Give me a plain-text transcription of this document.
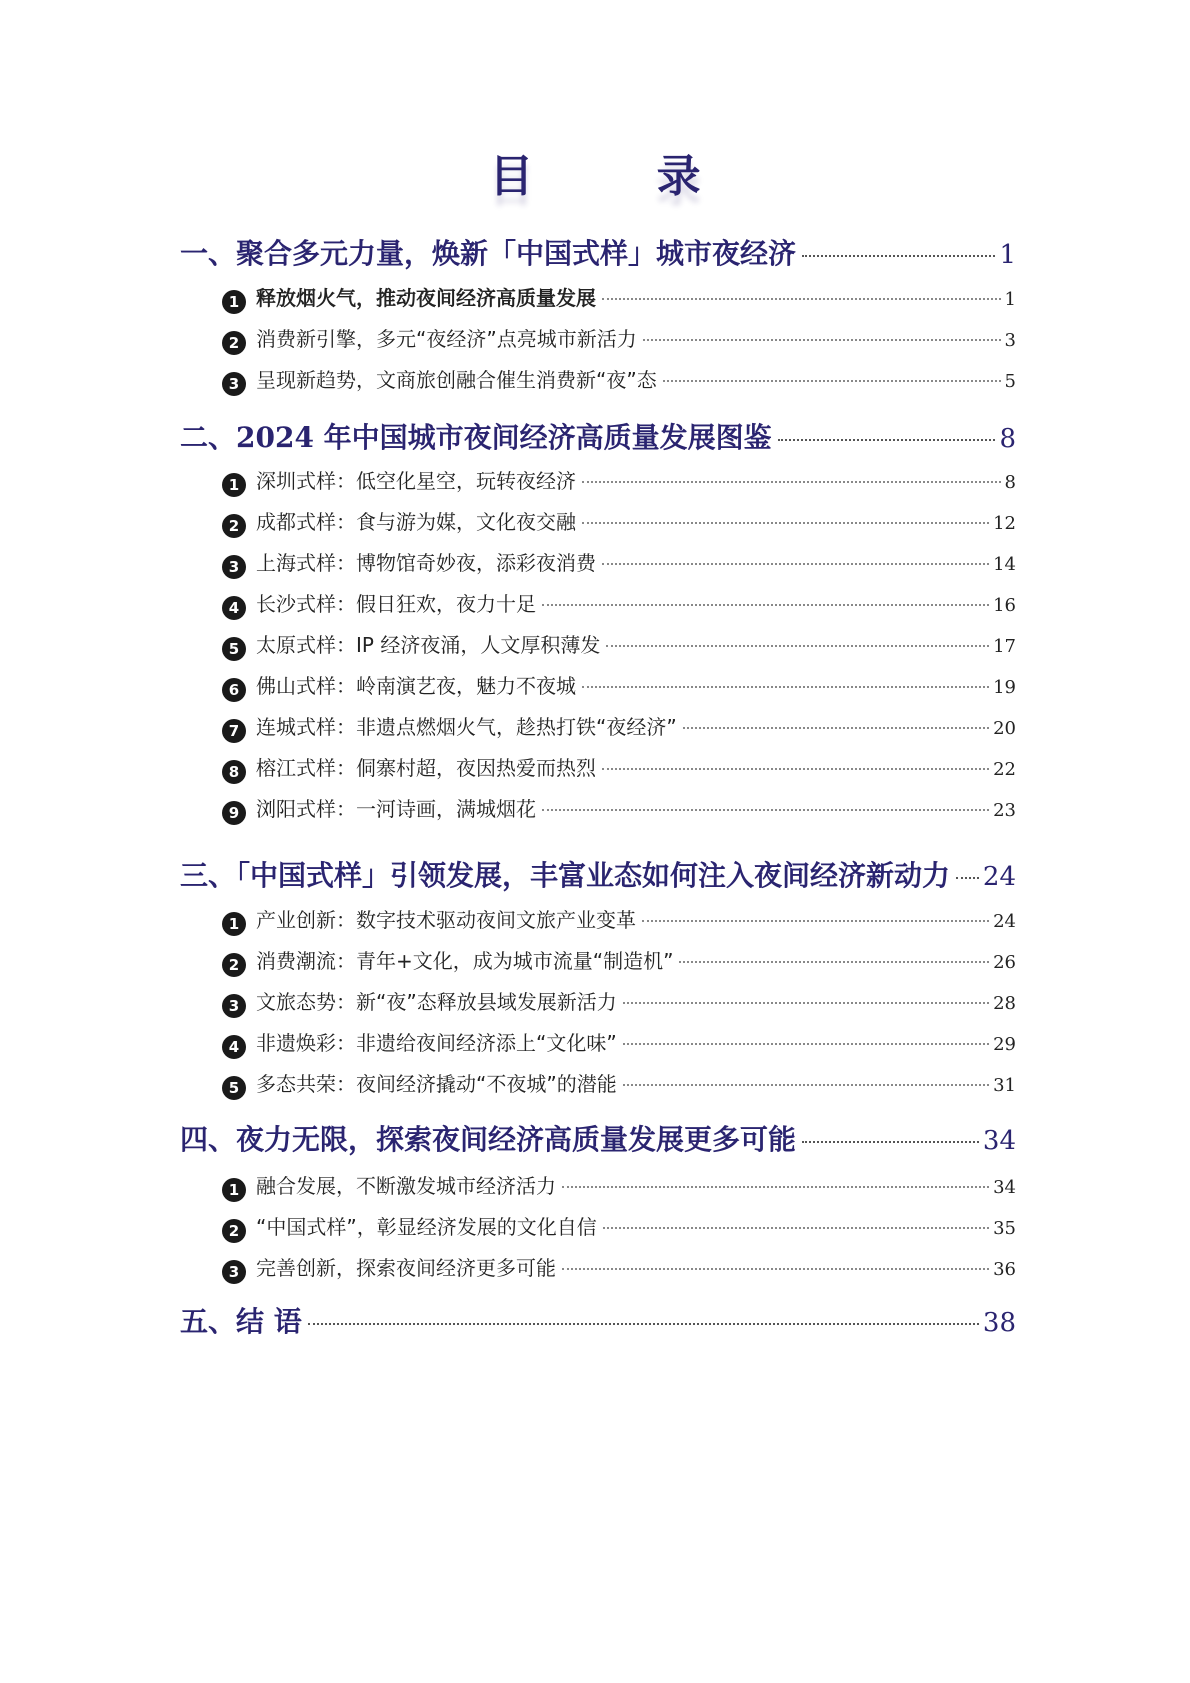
目 录
一、聚合多元力量，焕新「中国式样」城市夜经济	1
1 释放烟火气，推动夜间经济高质量发展	1
2 消费新引擎，多元“夜经济”点亮城市新活力	3
3 呈现新趋势，文商旅创融合催生消费新“夜”态	5
二、2024 年中国城市夜间经济高质量发展图鉴	8
1 深圳式样：低空化星空，玩转夜经济	8
2 成都式样：食与游为媒，文化夜交融	12
3 上海式样：博物馆奇妙夜，添彩夜消费	14
4 长沙式样：假日狂欢，夜力十足	16
5 太原式样：IP 经济夜涌，人文厚积薄发	17
6 佛山式样：岭南演艺夜，魅力不夜城	19
7 连城式样：非遗点燃烟火气，趁热打铁“夜经济”	20
8 榕江式样：侗寨村超，夜因热爱而热烈	22
9 浏阳式样：一河诗画，满城烟花	23
三、「中国式样」引领发展，丰富业态如何注入夜间经济新动力 24
1 产业创新：数字技术驱动夜间文旅产业变革	24
2 消费潮流：青年+文化，成为城市流量“制造机”	26
3 文旅态势：新“夜”态释放县域发展新活力	28
4 非遗焕彩：非遗给夜间经济添上“文化味”	29
5 多态共荣：夜间经济撬动“不夜城”的潜能	31
四、夜力无限，探索夜间经济高质量发展更多可能	34
1 融合发展，不断激发城市经济活力	34
2 “中国式样”，彰显经济发展的文化自信	35
3 完善创新，探索夜间经济更多可能	36
五、结 语	38
